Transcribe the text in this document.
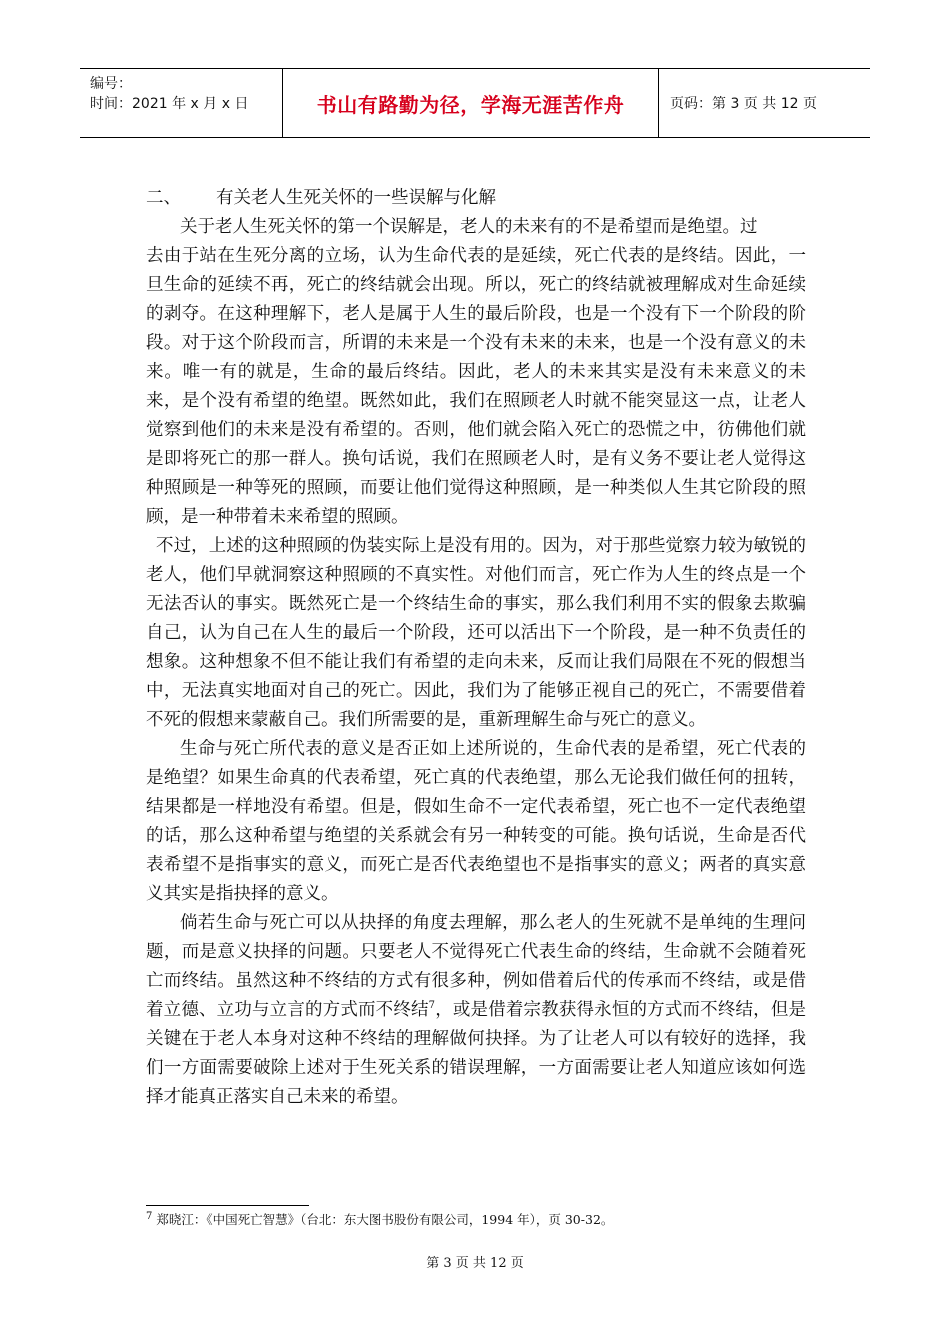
编号：
时间：2021 年 x 月 x 日	书山有路勤为径，学海无涯苦作舟	页码：第 3 页 共 12 页
二、	有关老人生死关怀的一些误解与化解

关于老人生死关怀的第一个误解是，老人的未来有的不是希望而是绝望。过

去由于站在生死分离的立场，认为生命代表的是延续，死亡代表的是终结。因此，一旦生命的延续不再，死亡的终结就会出现。所以，死亡的终结就被理解成对生命延续的剥夺。在这种理解下，老人是属于人生的最后阶段，也是一个没有下一个阶段的阶段。对于这个阶段而言，所谓的未来是一个没有未来的未来，也是一个没有意义的未来。唯一有的就是，生命的最后终结。因此，老人的未来其实是没有未来意义的未来，是个没有希望的绝望。既然如此，我们在照顾老人时就不能突显这一点，让老人觉察到他们的未来是没有希望的。否则，他们就会陷入死亡的恐慌之中，彷佛他们就是即将死亡的那一群人。换句话说，我们在照顾老人时，是有义务不要让老人觉得这种照顾是一种等死的照顾，而要让他们觉得这种照顾，是一种类似人生其它阶段的照顾，是一种带着未来希望的照顾。

不过，上述的这种照顾的伪装实际上是没有用的。因为，对于那些觉察力较为敏锐的老人，他们早就洞察这种照顾的不真实性。对他们而言，死亡作为人生的终点是一个无法否认的事实。既然死亡是一个终结生命的事实，那么我们利用不实的假象去欺骗自己，认为自己在人生的最后一个阶段，还可以活出下一个阶段，是一种不负责任的想象。这种想象不但不能让我们有希望的走向未来，反而让我们局限在不死的假想当中，无法真实地面对自己的死亡。因此，我们为了能够正视自己的死亡，不需要借着不死的假想来蒙蔽自己。我们所需要的是，重新理解生命与死亡的意义。

生命与死亡所代表的意义是否正如上述所说的，生命代表的是希望，死亡代表的是绝望？如果生命真的代表希望，死亡真的代表绝望，那么无论我们做任何的扭转，结果都是一样地没有希望。但是，假如生命不一定代表希望，死亡也不一定代表绝望的话，那么这种希望与绝望的关系就会有另一种转变的可能。换句话说，生命是否代表希望不是指事实的意义，而死亡是否代表绝望也不是指事实的意义；两者的真实意义其实是指抉择的意义。

倘若生命与死亡可以从抉择的角度去理解，那么老人的生死就不是单纯的生理问题，而是意义抉择的问题。只要老人不觉得死亡代表生命的终结，生命就不会随着死亡而终结。虽然这种不终结的方式有很多种，例如借着后代的传承而不终结，或是借着立德、立功与立言的方式而不终结$^7$，或是借着宗教获得永恒的方式而不终结，但是关键在于老人本身对这种不终结的理解做何抉择。为了让老人可以有较好的选择，我们一方面需要破除上述对于生死关系的错误理解，一方面需要让老人知道应该如何选择才能真正落实自己未来的希望。

$^7$ 郑晓江：《中国死亡智慧》（台北：东大图书股份有限公司，1994 年），页 30-32。
第 3 页 共 12 页
